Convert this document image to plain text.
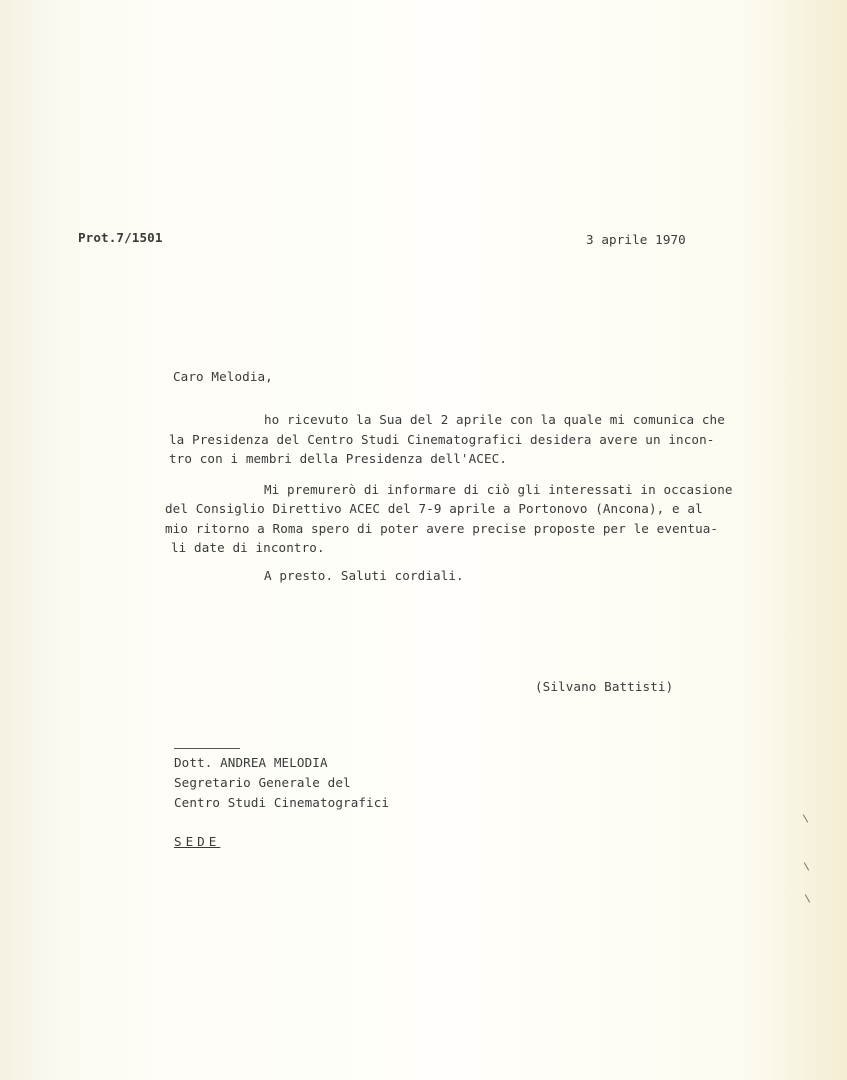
Prot.7/1501	3 aprile 1970
Caro Melodia,
ho ricevuto la Sua del 2 aprile con la quale mi comunica che
la Presidenza del Centro Studi Cinematografici desidera avere un incon-
tro con i membri della Presidenza dell'ACEC.
Mi premurerò di informare di ciò gli interessati in occasione
del Consiglio Direttivo ACEC del 7-9 aprile a Portonovo (Ancona), e al
mio ritorno a Roma spero di poter avere precise proposte per le eventua-
li date di incontro.
A presto. Saluti cordiali.
(Silvano Battisti)
Dott. ANDREA MELODIA
Segretario Generale del
Centro Studi Cinematografici
SEDE
